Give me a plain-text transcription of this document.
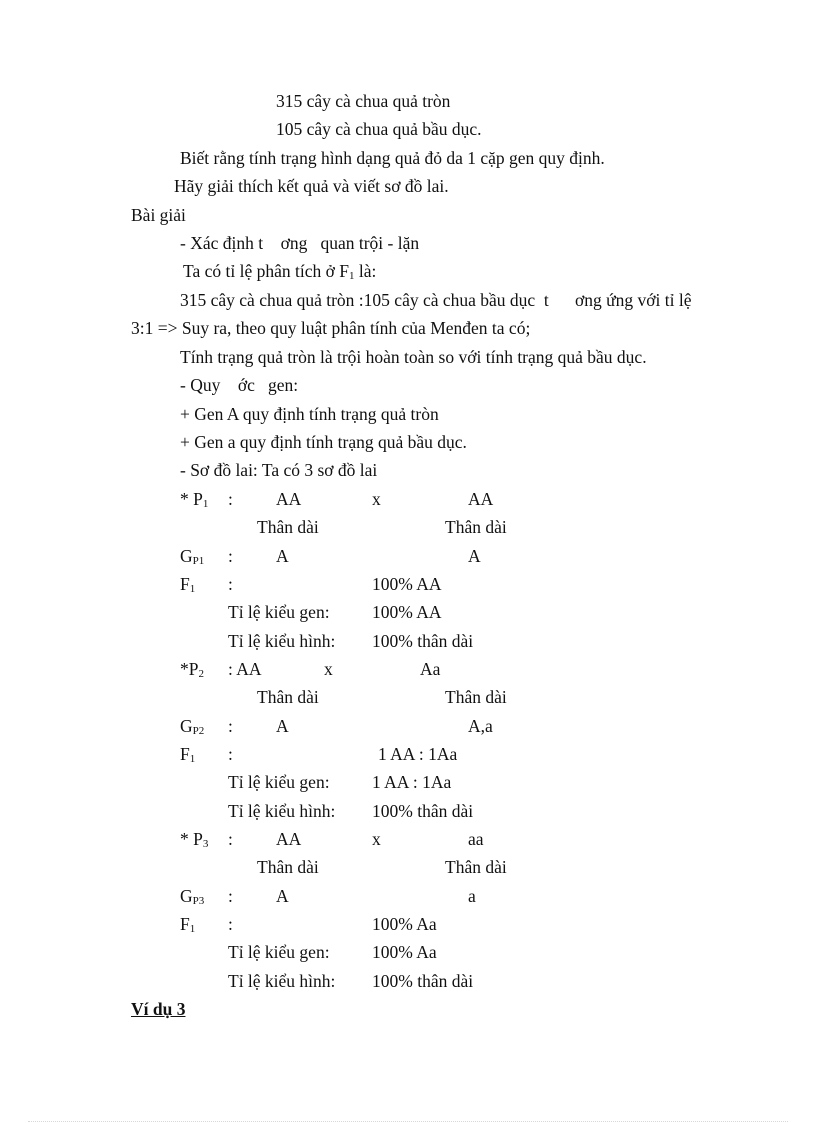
315 cây cà chua quả tròn
105 cây cà chua quả bầu dục.
Biết rằng tính trạng hình dạng quả đỏ da 1 cặp gen quy định.
Hãy giải thích kết quả và viết sơ đồ lai.
Bài giải
- Xác định t    ơng   quan trội - lặn
Ta có tỉ lệ phân tích ở F1 là:
315 cây cà chua quả tròn :105 cây cà chua bầu dục  t      ơng ứng với tỉ lệ
3:1 => Suy ra, theo quy luật phân tính của Menđen ta có;
Tính trạng quả tròn là trội hoàn toàn so với tính trạng quả bầu dục.
- Quy    ớc   gen:
+ Gen A quy định tính trạng quả tròn
+ Gen a quy định tính trạng quả bầu dục.
- Sơ đồ lai: Ta có 3 sơ đồ lai
* P1 : AA	x	AA
Thân dài	Thân dài
GP1 : A	A
F1 :	100% AA
Tỉ lệ kiểu gen: 100% AA
Tỉ lệ kiểu hình: 100% thân dài
*P2 : AA	x	Aa
Thân dài	Thân dài
GP2 : A	A,a
F1 :	1 AA : 1Aa
Tỉ lệ kiểu gen: 1 AA : 1Aa
Tỉ lệ kiểu hình: 100% thân dài
* P3 : AA	x	aa
Thân dài	Thân dài
GP3 : A	a
F1 :	100% Aa
Tỉ lệ kiểu gen: 100% Aa
Tỉ lệ kiểu hình: 100% thân dài
Ví dụ 3
